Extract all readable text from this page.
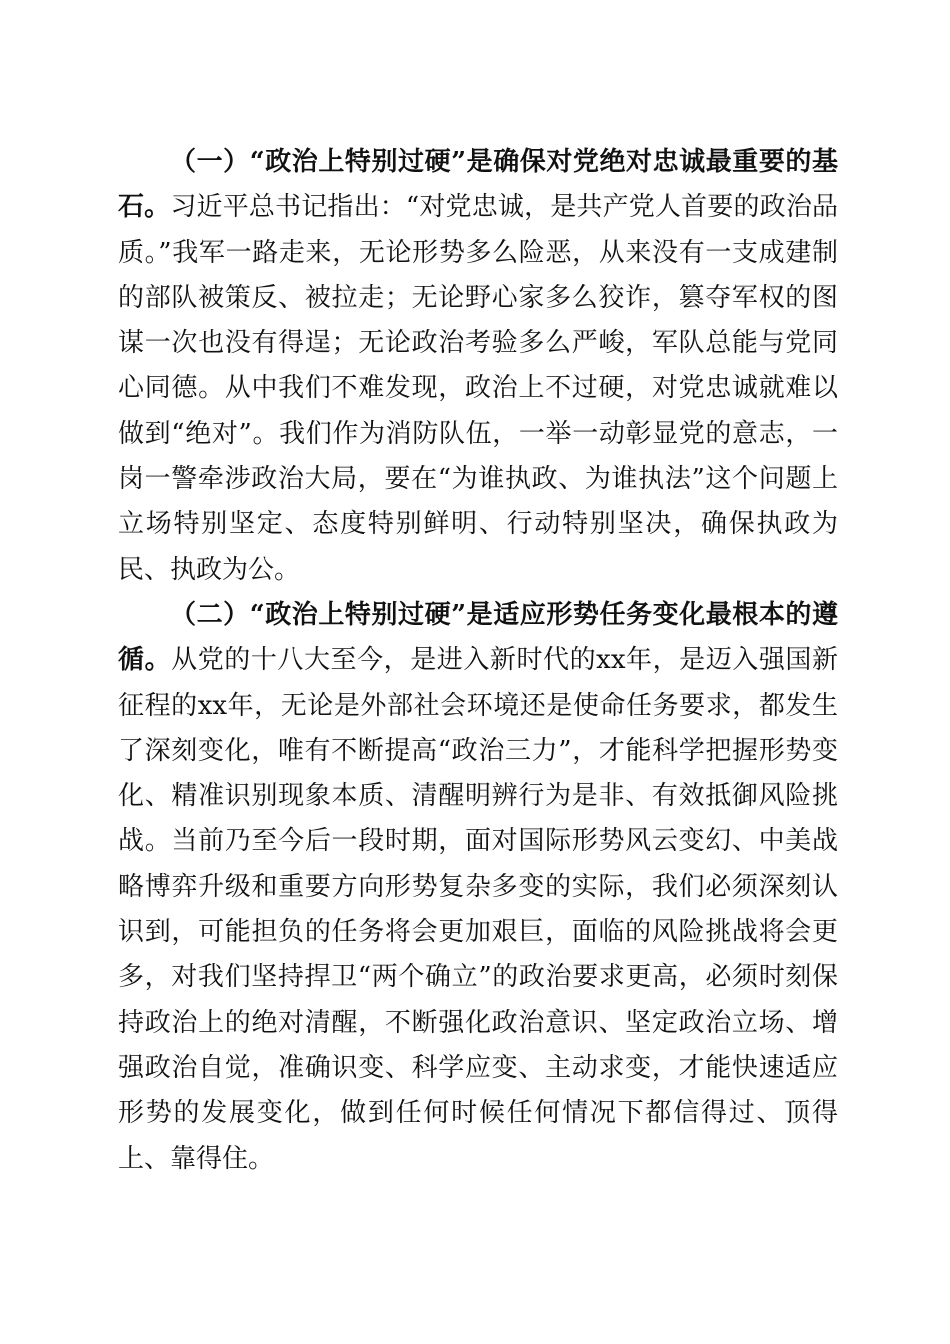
（一）“政治上特别过硬”是确保对党绝对忠诚最重要的基石。习近平总书记指出：“对党忠诚，是共产党人首要的政治品质。”我军一路走来，无论形势多么险恶，从来没有一支成建制的部队被策反、被拉走；无论野心家多么狡诈，篡夺军权的图谋一次也没有得逞；无论政治考验多么严峻，军队总能与党同心同德。从中我们不难发现，政治上不过硬，对党忠诚就难以做到“绝对”。我们作为消防队伍，一举一动彰显党的意志，一岗一警牵涉政治大局，要在“为谁执政、为谁执法”这个问题上立场特别坚定、态度特别鲜明、行动特别坚决，确保执政为民、执政为公。

（二）“政治上特别过硬”是适应形势任务变化最根本的遵循。从党的十八大至今，是进入新时代的xx年，是迈入强国新征程的xx年，无论是外部社会环境还是使命任务要求，都发生了深刻变化，唯有不断提高“政治三力”，才能科学把握形势变化、精准识别现象本质、清醒明辨行为是非、有效抵御风险挑战。当前乃至今后一段时期，面对国际形势风云变幻、中美战略博弈升级和重要方向形势复杂多变的实际，我们必须深刻认识到，可能担负的任务将会更加艰巨，面临的风险挑战将会更多，对我们坚持捍卫“两个确立”的政治要求更高，必须时刻保持政治上的绝对清醒，不断强化政治意识、坚定政治立场、增强政治自觉，准确识变、科学应变、主动求变，才能快速适应形势的发展变化，做到任何时候任何情况下都信得过、顶得上、靠得住。
